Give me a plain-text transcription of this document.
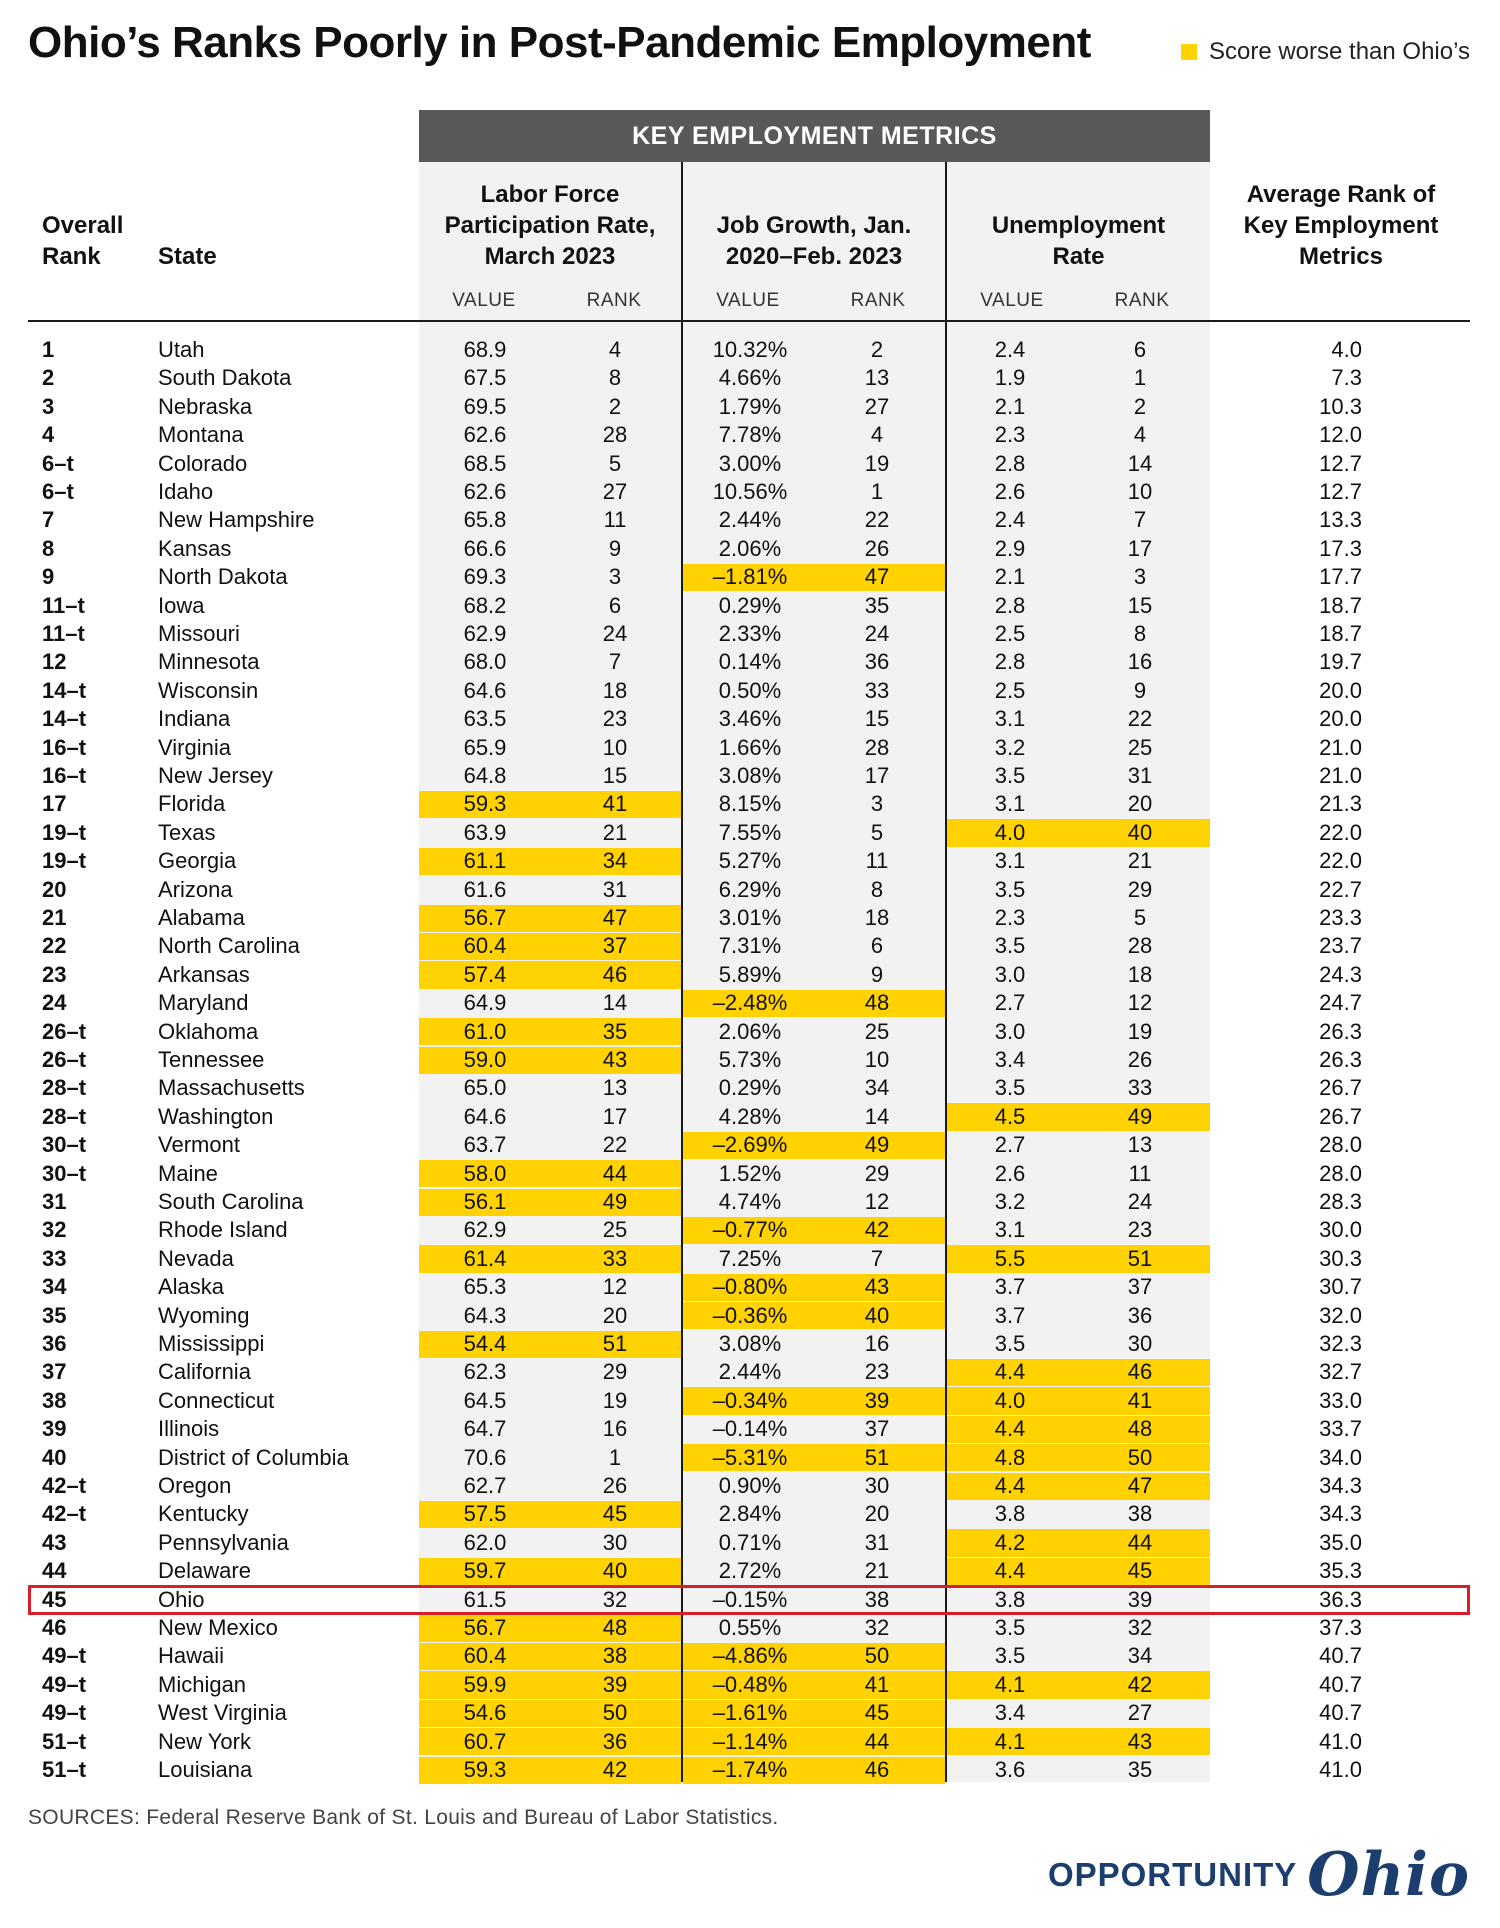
Ohio’s Ranks Poorly in Post-Pandemic Employment	Score worse than Ohio’s
KEY EMPLOYMENT METRICS
Overall
Rank	State
Labor Force
Participation Rate,
March 2023
Job Growth, Jan.
2020–Feb. 2023
Unemployment
Rate
Average Rank of
Key Employment
Metrics
VALUE	RANK	VALUE	RANK	VALUE	RANK
1	Utah	68.9	4	10.32%	2	2.4	6	4.0
2	South Dakota	67.5	8	4.66%	13	1.9	1	7.3
3	Nebraska	69.5	2	1.79%	27	2.1	2	10.3
4	Montana	62.6	28	7.78%	4	2.3	4	12.0
6–t	Colorado	68.5	5	3.00%	19	2.8	14	12.7
6–t	Idaho	62.6	27	10.56%	1	2.6	10	12.7
7	New Hampshire	65.8	11	2.44%	22	2.4	7	13.3
8	Kansas	66.6	9	2.06%	26	2.9	17	17.3
9	North Dakota	69.3	3	–1.81%	47	2.1	3	17.7
11–t	Iowa	68.2	6	0.29%	35	2.8	15	18.7
11–t	Missouri	62.9	24	2.33%	24	2.5	8	18.7
12	Minnesota	68.0	7	0.14%	36	2.8	16	19.7
14–t	Wisconsin	64.6	18	0.50%	33	2.5	9	20.0
14–t	Indiana	63.5	23	3.46%	15	3.1	22	20.0
16–t	Virginia	65.9	10	1.66%	28	3.2	25	21.0
16–t	New Jersey	64.8	15	3.08%	17	3.5	31	21.0
17	Florida	59.3	41	8.15%	3	3.1	20	21.3
19–t	Texas	63.9	21	7.55%	5	4.0	40	22.0
19–t	Georgia	61.1	34	5.27%	11	3.1	21	22.0
20	Arizona	61.6	31	6.29%	8	3.5	29	22.7
21	Alabama	56.7	47	3.01%	18	2.3	5	23.3
22	North Carolina	60.4	37	7.31%	6	3.5	28	23.7
23	Arkansas	57.4	46	5.89%	9	3.0	18	24.3
24	Maryland	64.9	14	–2.48%	48	2.7	12	24.7
26–t	Oklahoma	61.0	35	2.06%	25	3.0	19	26.3
26–t	Tennessee	59.0	43	5.73%	10	3.4	26	26.3
28–t	Massachusetts	65.0	13	0.29%	34	3.5	33	26.7
28–t	Washington	64.6	17	4.28%	14	4.5	49	26.7
30–t	Vermont	63.7	22	–2.69%	49	2.7	13	28.0
30–t	Maine	58.0	44	1.52%	29	2.6	11	28.0
31	South Carolina	56.1	49	4.74%	12	3.2	24	28.3
32	Rhode Island	62.9	25	–0.77%	42	3.1	23	30.0
33	Nevada	61.4	33	7.25%	7	5.5	51	30.3
34	Alaska	65.3	12	–0.80%	43	3.7	37	30.7
35	Wyoming	64.3	20	–0.36%	40	3.7	36	32.0
36	Mississippi	54.4	51	3.08%	16	3.5	30	32.3
37	California	62.3	29	2.44%	23	4.4	46	32.7
38	Connecticut	64.5	19	–0.34%	39	4.0	41	33.0
39	Illinois	64.7	16	–0.14%	37	4.4	48	33.7
40	District of Columbia	70.6	1	–5.31%	51	4.8	50	34.0
42–t	Oregon	62.7	26	0.90%	30	4.4	47	34.3
42–t	Kentucky	57.5	45	2.84%	20	3.8	38	34.3
43	Pennsylvania	62.0	30	0.71%	31	4.2	44	35.0
44	Delaware	59.7	40	2.72%	21	4.4	45	35.3
45	Ohio	61.5	32	–0.15%	38	3.8	39	36.3
46	New Mexico	56.7	48	0.55%	32	3.5	32	37.3
49–t	Hawaii	60.4	38	–4.86%	50	3.5	34	40.7
49–t	Michigan	59.9	39	–0.48%	41	4.1	42	40.7
49–t	West Virginia	54.6	50	–1.61%	45	3.4	27	40.7
51–t	New York	60.7	36	–1.14%	44	4.1	43	41.0
51–t	Louisiana	59.3	42	–1.74%	46	3.6	35	41.0
SOURCES: Federal Reserve Bank of St. Louis and Bureau of Labor Statistics.
OPPORTUNITY Ohio
